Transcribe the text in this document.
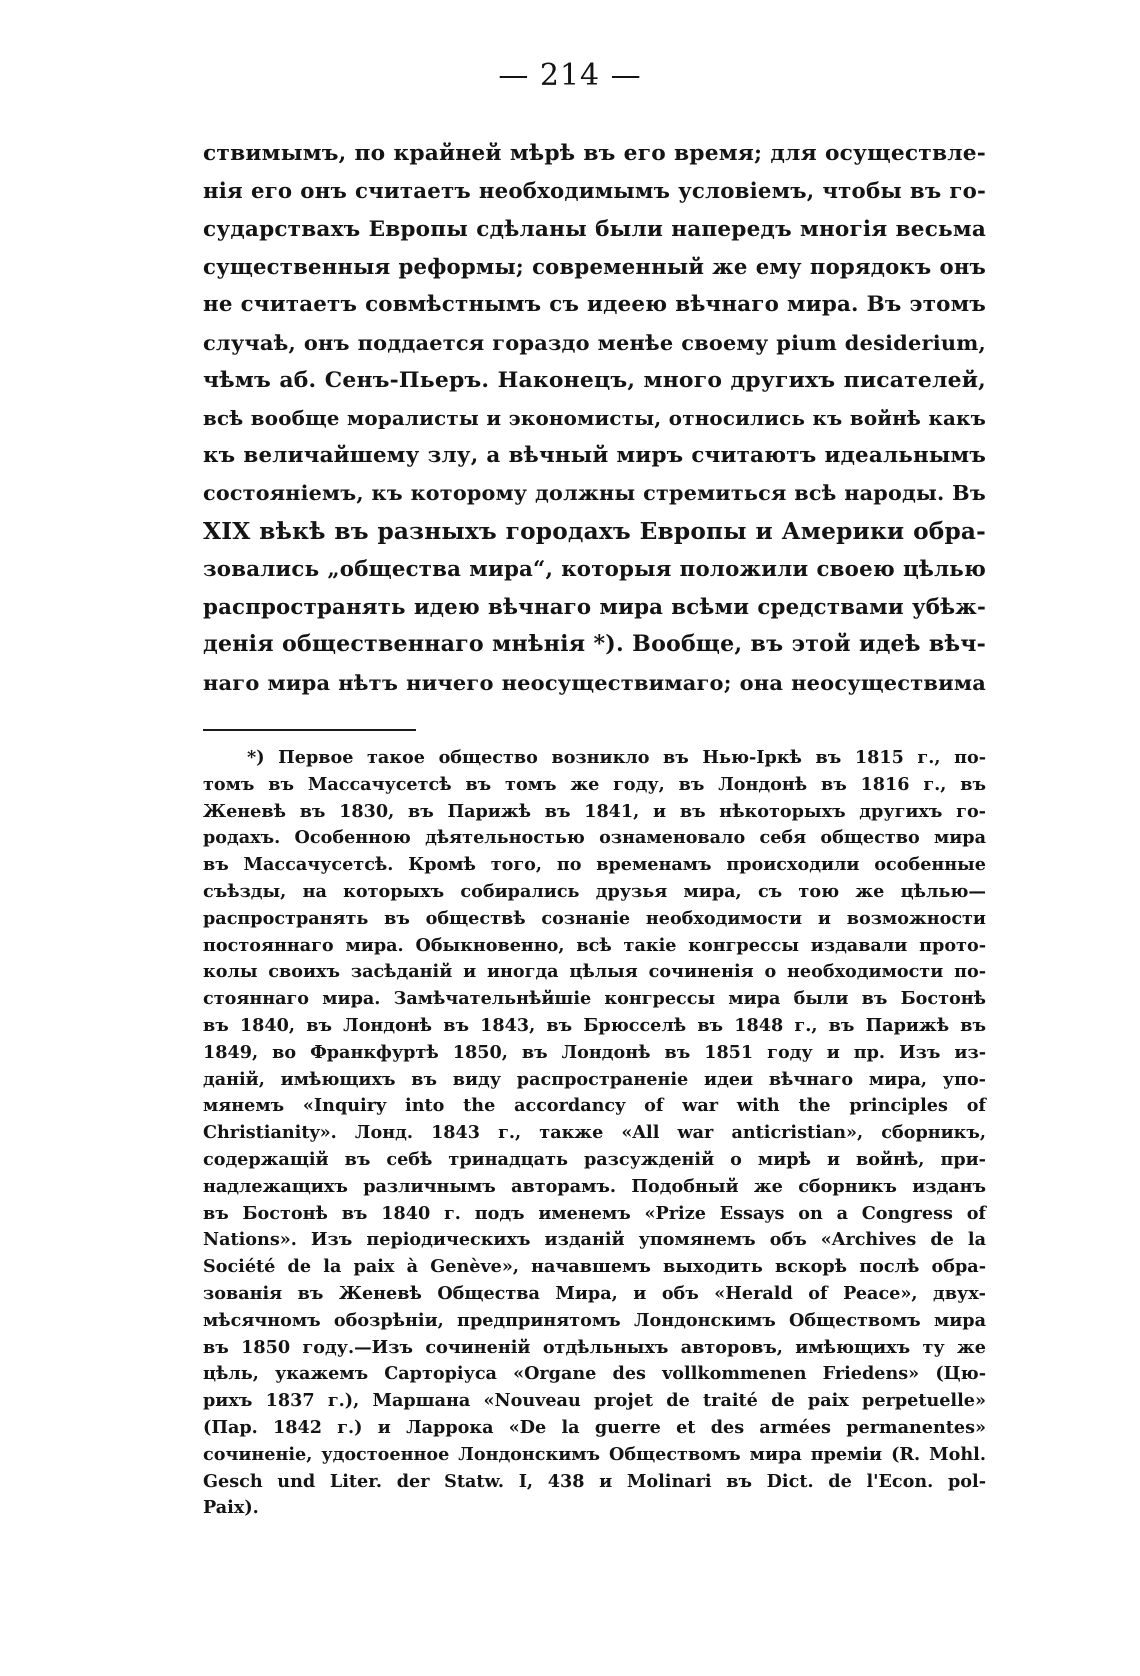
— 214 —
ствимымъ, по крайней мѣрѣ въ его время; для осуществле-
нія его онъ считаетъ необходимымъ условіемъ, чтобы въ го-
сударствахъ Европы сдѣланы были напередъ многія весьма
существенныя реформы; современный же ему порядокъ онъ
не считаетъ совмѣстнымъ съ идеею вѣчнаго мира. Въ этомъ
случаѣ, онъ поддается гораздо менѣе своему pium desiderium,
чѣмъ аб. Сенъ-Пьеръ. Наконецъ, много другихъ писателей,
всѣ вообще моралисты и экономисты, относились къ войнѣ какъ
къ величайшему злу, а вѣчный миръ считаютъ идеальнымъ
состояніемъ, къ которому должны стремиться всѣ народы. Въ
XIX вѣкѣ въ разныхъ городахъ Европы и Америки обра-
зовались „общества мира“, которыя положили своею цѣлью
распространять идею вѣчнаго мира всѣми средствами убѣж-
денія общественнаго мнѣнія *). Вообще, въ этой идеѣ вѣч-
наго мира нѣтъ ничего неосуществимаго; она неосуществима
*) Первое такое общество возникло въ Нью-Іркѣ въ 1815 г., по-
томъ въ Массачусетсѣ въ томъ же году, въ Лондонѣ въ 1816 г., въ
Женевѣ въ 1830, въ Парижѣ въ 1841, и въ нѣкоторыхъ другихъ го-
родахъ. Особенною дѣятельностью ознаменовало себя общество мира
въ Массачусетсѣ. Кромѣ того, по временамъ происходили особенные
съѣзды, на которыхъ собирались друзья мира, съ тою же цѣлью—
распространять въ обществѣ сознаніе необходимости и возможности
постояннаго мира. Обыкновенно, всѣ такіе конгрессы издавали прото-
колы своихъ засѣданій и иногда цѣлыя сочиненія о необходимости по-
стояннаго мира. Замѣчательнѣйшіе конгрессы мира были въ Бостонѣ
въ 1840, въ Лондонѣ въ 1843, въ Брюсселѣ въ 1848 г., въ Парижѣ въ
1849, во Франкфуртѣ 1850, въ Лондонѣ въ 1851 году и пр. Изъ из-
даній, имѣющихъ въ виду распространеніе идеи вѣчнаго мира, упо-
мянемъ «Inquiry into the accordancy of war with the principles of
Christianity». Лонд. 1843 г., также «All war anticristian», сборникъ,
содержащій въ себѣ тринадцать разсужденій о мирѣ и войнѣ, при-
надлежащихъ различнымъ авторамъ. Подобный же сборникъ изданъ
въ Бостонѣ въ 1840 г. подъ именемъ «Prize Essays on a Congress of
Nations». Изъ періодическихъ изданій упомянемъ объ «Archives de la
Société de la paix à Genève», начавшемъ выходить вскорѣ послѣ обра-
зованія въ Женевѣ Общества Мира, и объ «Herald of Peace», двух-
мѣсячномъ обозрѣніи, предпринятомъ Лондонскимъ Обществомъ мира
въ 1850 году.—Изъ сочиненій отдѣльныхъ авторовъ, имѣющихъ ту же
цѣль, укажемъ Сарторіуса «Organe des vollkommenen Friedens» (Цю-
рихъ 1837 г.), Маршана «Nouveau projet de traité de paix perpetuelle»
(Пар. 1842 г.) и Ларрока «De la guerre et des armées permanentes»
сочиненіе, удостоенное Лондонскимъ Обществомъ мира преміи (R. Mohl.
Gesch und Liter. der Statw. I, 438 и Molinari въ Dict. de l'Econ. pol-
Paix).
